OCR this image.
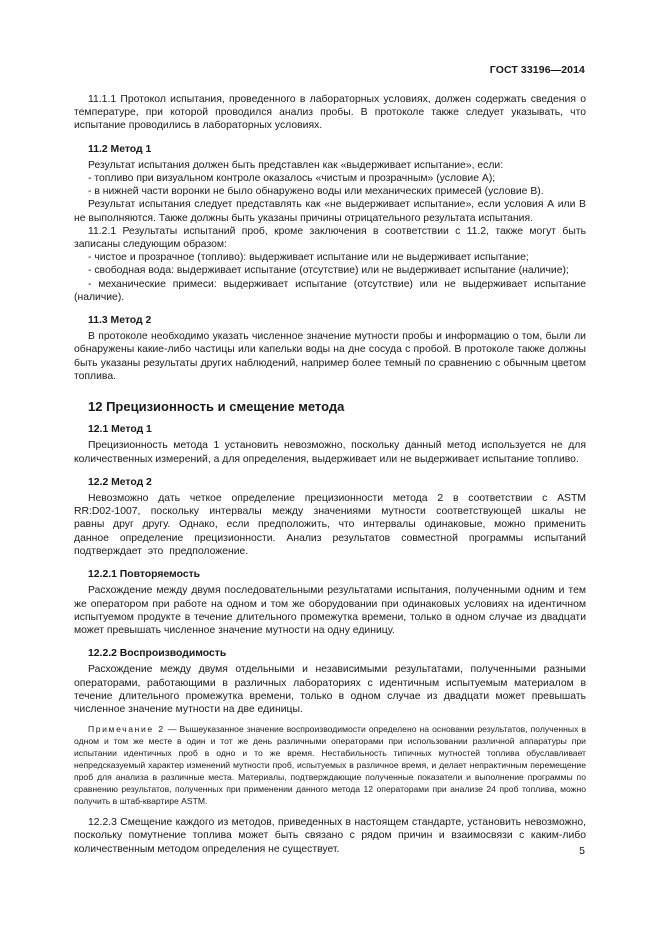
ГОСТ 33196—2014

11.1.1 Протокол испытания, проведенного в лабораторных условиях, должен содержать сведения о температуре, при которой проводился анализ пробы. В протоколе также следует указывать, что испытание проводились в лабораторных условиях.

11.2 Метод 1

Результат испытания должен быть представлен как «выдерживает испытание», если:

- топливо при визуальном контроле оказалось «чистым и прозрачным» (условие А);

- в нижней части воронки не было обнаружено воды или механических примесей (условие В).

Результат испытания следует представлять как «не выдерживает испытание», если условия А или В не выполняются. Также должны быть указаны причины отрицательного результата испытания.

11.2.1 Результаты испытаний проб, кроме заключения в соответствии с 11.2, также могут быть записаны следующим образом:

- чистое и прозрачное (топливо): выдерживает испытание или не выдерживает испытание;

- свободная вода: выдерживает испытание (отсутствие) или не выдерживает испытание (наличие);

- механические примеси: выдерживает испытание (отсутствие) или не выдерживает испытание (наличие).

11.3 Метод 2

В протоколе необходимо указать численное значение мутности пробы и информацию о том, были ли обнаружены какие-либо частицы или капельки воды на дне сосуда с пробой. В протоколе также должны быть указаны результаты других наблюдений, например более темный по сравнению с обычным цветом топлива.

12 Прецизионность и смещение метода

12.1 Метод 1

Прецизионность метода 1 установить невозможно, поскольку данный метод используется не для количественных измерений, а для определения, выдерживает или не выдерживает испытание топливо.

12.2 Метод 2

Невозможно дать четкое определение прецизионности метода 2 в соответствии с ASTM RR:D02-1007, поскольку интервалы между значениями мутности соответствующей шкалы не равны друг другу. Однако, если предположить, что интервалы одинаковые, можно применить данное определение прецизионности. Анализ результатов совместной программы испытаний подтверждает это предположение.

12.2.1 Повторяемость

Расхождение между двумя последовательными результатами испытания, полученными одним и тем же оператором при работе на одном и том же оборудовании при одинаковых условиях на идентичном испытуемом продукте в течение длительного промежутка времени, только в одном случае из двадцати может превышать численное значение мутности на одну единицу.

12.2.2 Воспроизводимость

Расхождение между двумя отдельными и независимыми результатами, полученными разными операторами, работающими в различных лабораториях с идентичным испытуемым материалом в течение длительного промежутка времени, только в одном случае из двадцати может превышать численное значение мутности на две единицы.

Примечание 2 — Вышеуказанное значение воспроизводимости определено на основании результатов, полученных в одном и том же месте в один и тот же день различными операторами при использовании различной аппаратуры при испытании идентичных проб в одно и то же время. Нестабильность типичных мутностей топлива обуславливает непредсказуемый характер изменений мутности проб, испытуемых в различное время, и делает непрактичным перемещение проб для анализа в различные места. Материалы, подтверждающие полученные показатели и выполнение программы по сравнению результатов, полученных при применении данного метода 12 операторами при анализе 24 проб топлива, можно получить в штаб-квартире ASTM.

12.2.3 Смещение каждого из методов, приведенных в настоящем стандарте, установить невозможно, поскольку помутнение топлива может быть связано с рядом причин и взаимосвязи с каким-либо количественным методом определения не существует.	5
